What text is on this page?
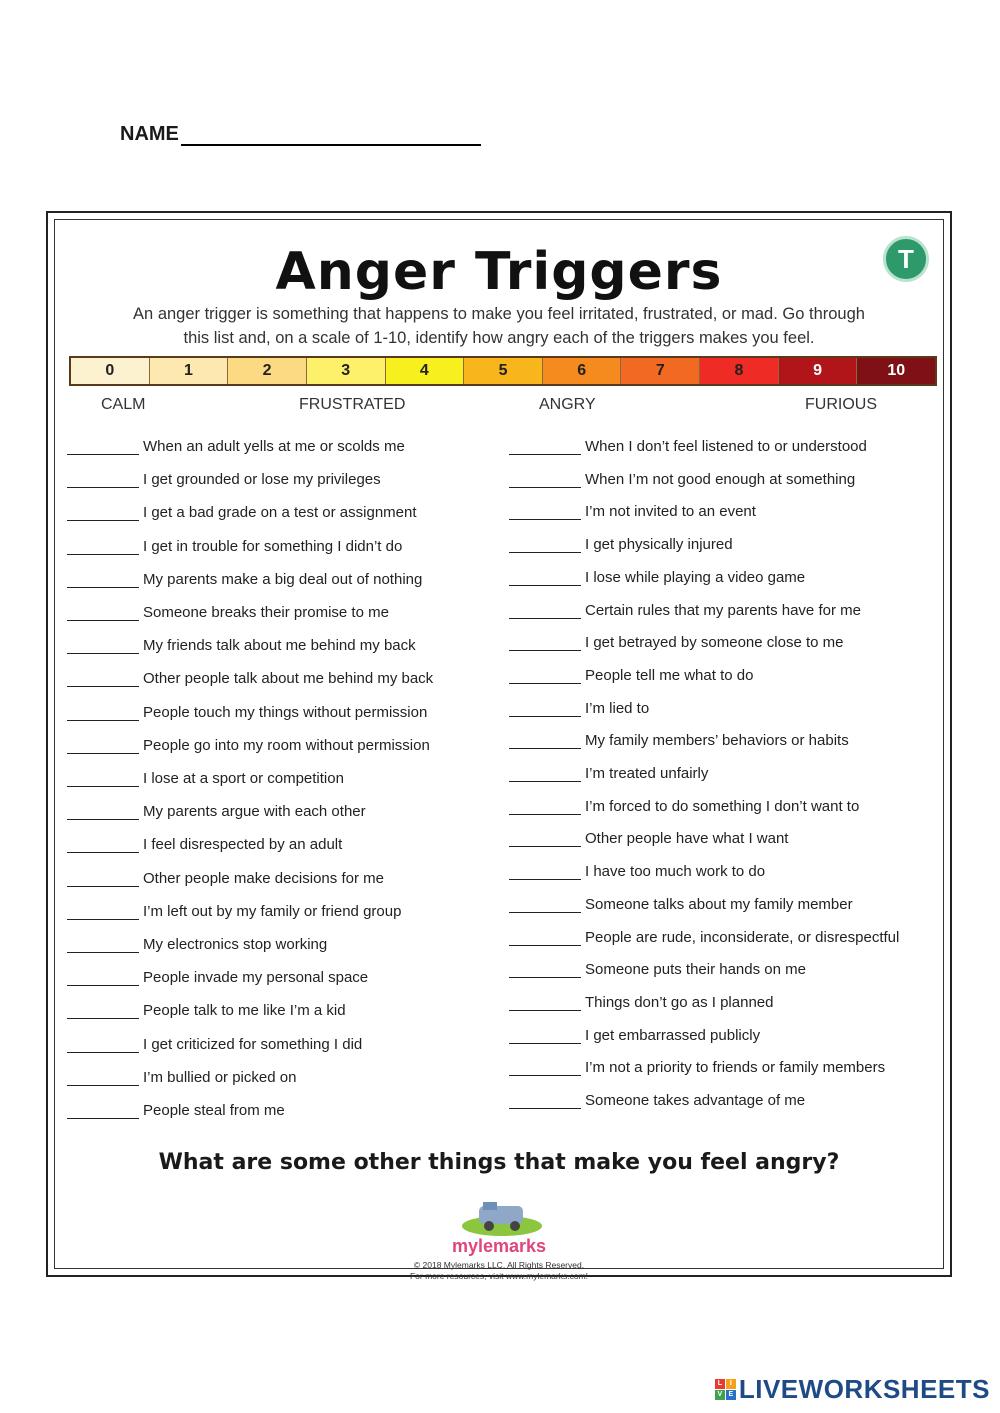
NAME
Anger Triggers	T
An anger trigger is something that happens to make you feel irritated, frustrated, or mad. Go through
this list and, on a scale of 1-10, identify how angry each of the triggers makes you feel.
0	1	2	3	4	5	6	7	8	9	10
CALM	FRUSTRATED	ANGRY	FURIOUS
When an adult yells at me or scolds me
I get grounded or lose my privileges
I get a bad grade on a test or assignment
I get in trouble for something I didn’t do
My parents make a big deal out of nothing
Someone breaks their promise to me
My friends talk about me behind my back
Other people talk about me behind my back
People touch my things without permission
People go into my room without permission
I lose at a sport or competition
My parents argue with each other
I feel disrespected by an adult
Other people make decisions for me
I’m left out by my family or friend group
My electronics stop working
People invade my personal space
People talk to me like I’m a kid
I get criticized for something I did
I’m bullied or picked on
People steal from me
When I don’t feel listened to or understood
When I’m not good enough at something
I’m not invited to an event
I get physically injured
I lose while playing a video game
Certain rules that my parents have for me
I get betrayed by someone close to me
People tell me what to do
I’m lied to
My family members’ behaviors or habits
I’m treated unfairly
I’m forced to do something I don’t want to
Other people have what I want
I have too much work to do
Someone talks about my family member
People are rude, inconsiderate, or disrespectful
Someone puts their hands on me
Things don’t go as I planned
I get embarrassed publicly
I’m not a priority to friends or family members
Someone takes advantage of me
What are some other things that make you feel angry?
mylemarks
© 2018 Mylemarks LLC. All Rights Reserved.
For more resources, visit www.mylemarks.com!
L	I
V E LIVEWORKSHEETS
